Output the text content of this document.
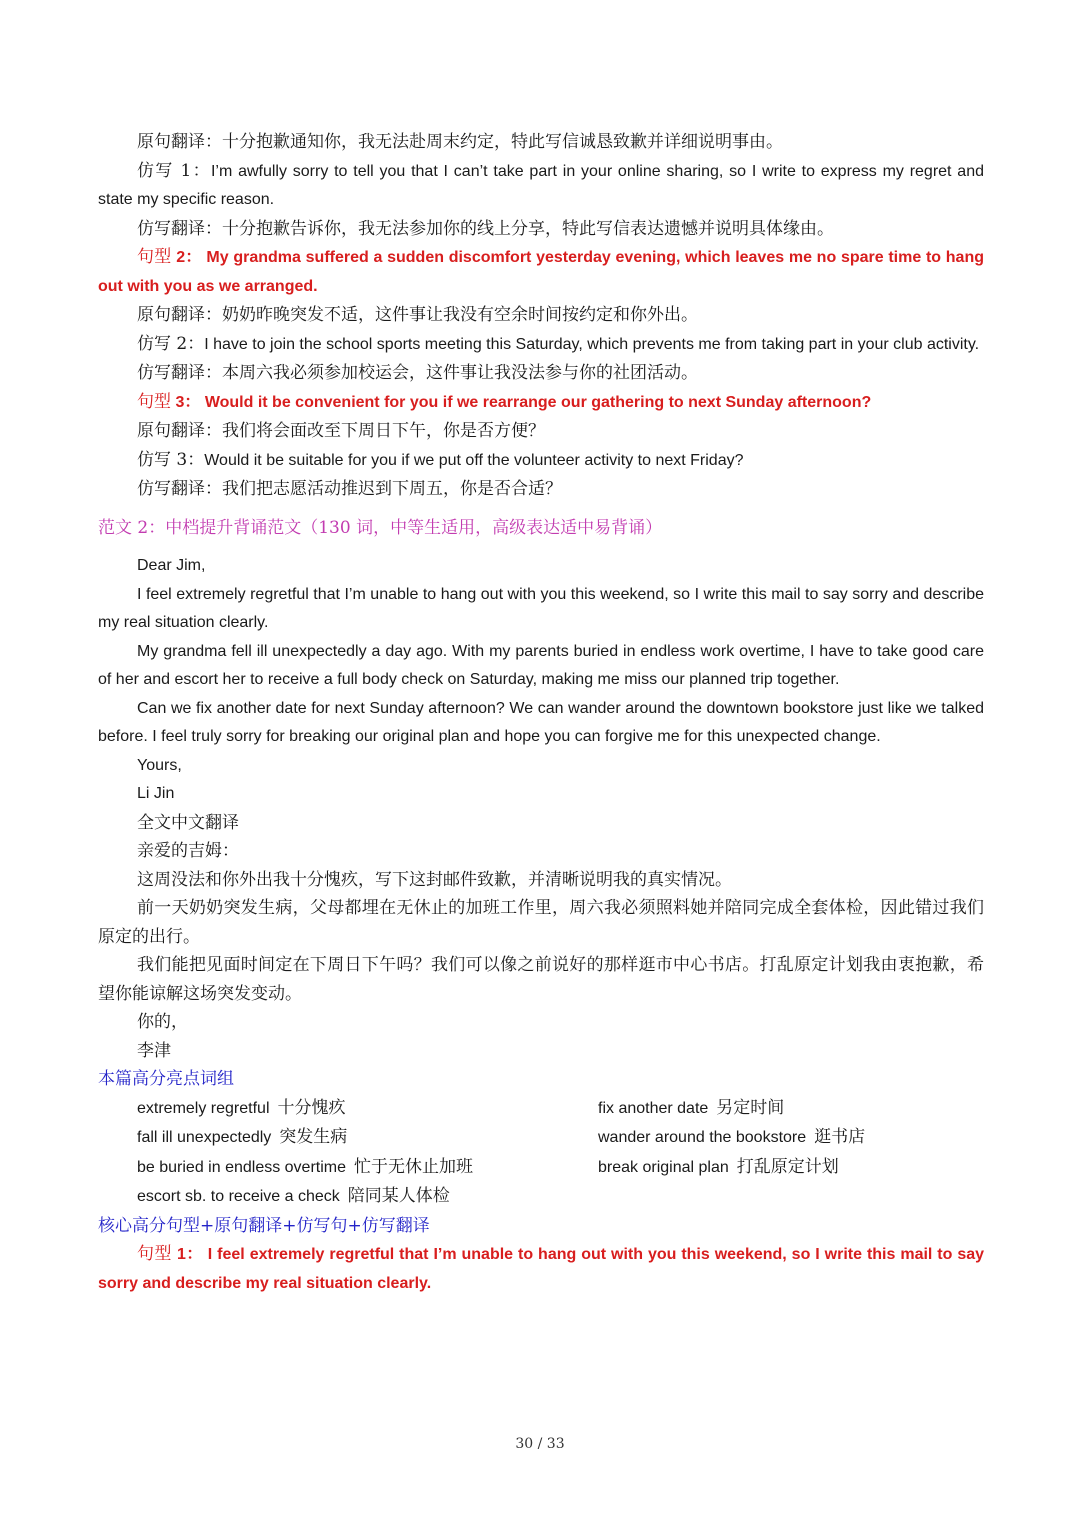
原句翻译：十分抱歉通知你，我无法赴周末约定，特此写信诚恳致歉并详细说明事由。

仿写 1：I’m awfully sorry to tell you that I can’t take part in your online sharing, so I write to express my regret and state my specific reason.

仿写翻译：十分抱歉告诉你，我无法参加你的线上分享，特此写信表达遗憾并说明具体缘由。

句型 2： My grandma suffered a sudden discomfort yesterday evening, which leaves me no spare time to hang out with you as we arranged.

原句翻译：奶奶昨晚突发不适，这件事让我没有空余时间按约定和你外出。

仿写 2：I have to join the school sports meeting this Saturday, which prevents me from taking part in your club activity.

仿写翻译：本周六我必须参加校运会，这件事让我没法参与你的社团活动。

句型 3： Would it be convenient for you if we rearrange our gathering to next Sunday afternoon?

原句翻译：我们将会面改至下周日下午，你是否方便？

仿写 3：Would it be suitable for you if we put off the volunteer activity to next Friday?

仿写翻译：我们把志愿活动推迟到下周五，你是否合适？

范文 2：中档提升背诵范文（130 词，中等生适用，高级表达适中易背诵）

Dear Jim,

I feel extremely regretful that I’m unable to hang out with you this weekend, so I write this mail to say sorry and describe my real situation clearly.

My grandma fell ill unexpectedly a day ago. With my parents buried in endless work overtime, I have to take good care of her and escort her to receive a full body check on Saturday, making me miss our planned trip together.

Can we fix another date for next Sunday afternoon? We can wander around the downtown bookstore just like we talked before. I feel truly sorry for breaking our original plan and hope you can forgive me for this unexpected change.

Yours,

Li Jin

全文中文翻译

亲爱的吉姆：

这周没法和你外出我十分愧疚，写下这封邮件致歉，并清晰说明我的真实情况。

前一天奶奶突发生病，父母都埋在无休止的加班工作里，周六我必须照料她并陪同完成全套体检，因此错过我们原定的出行。

我们能把见面时间定在下周日下午吗？我们可以像之前说好的那样逛市中心书店。打乱原定计划我由衷抱歉，希望你能谅解这场突发变动。

你的，

李津

本篇高分亮点词组

extremely regretful 十分愧疚	fix another date 另定时间
fall ill unexpectedly 突发生病	wander around the bookstore 逛书店
be buried in endless overtime 忙于无休止加班	break original plan 打乱原定计划
escort sb. to receive a check 陪同某人体检

核心高分句型+原句翻译+仿写句+仿写翻译

句型 1： I feel extremely regretful that I’m unable to hang out with you this weekend, so I write this mail to say sorry and describe my real situation clearly.

30 / 33
